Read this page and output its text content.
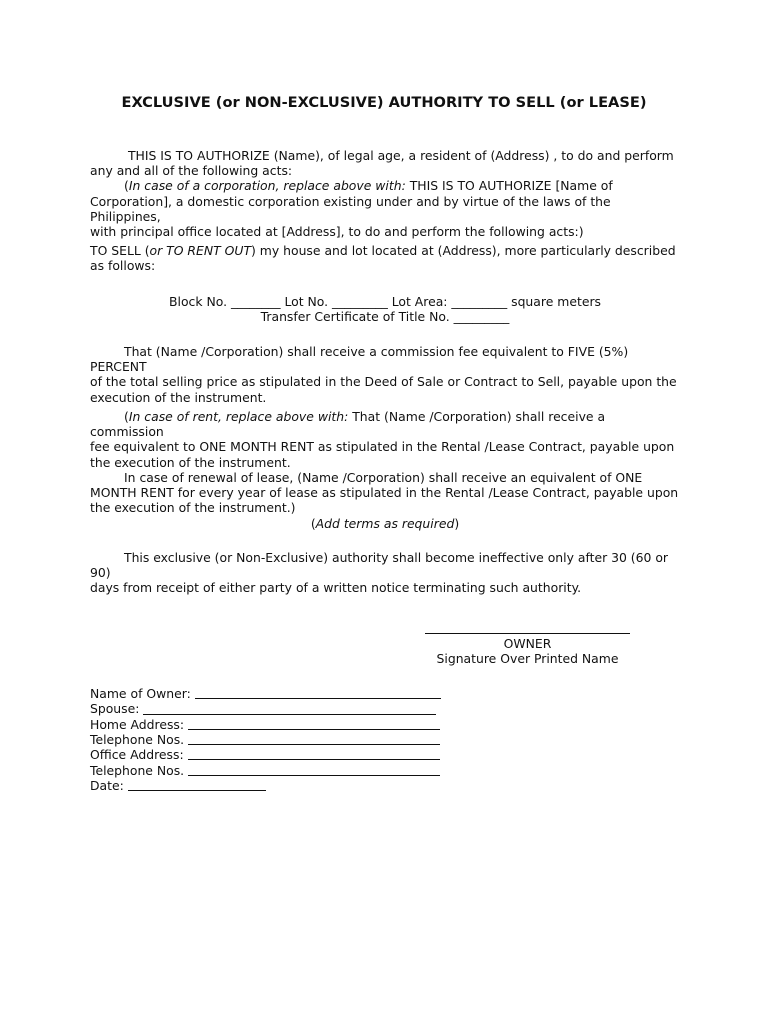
EXCLUSIVE (or NON-EXCLUSIVE) AUTHORITY TO SELL (or LEASE)
THIS IS TO AUTHORIZE (Name), of legal age, a resident of (Address) , to do and perform
any and all of the following acts:
(In case of a corporation, replace above with: THIS IS TO AUTHORIZE [Name of
Corporation], a domestic corporation existing under and by virtue of the laws of the Philippines,
with principal office located at [Address], to do and perform the following acts:)
TO SELL (or TO RENT OUT) my house and lot located at (Address), more particularly described
as follows:
Block No. ________ Lot No. _________ Lot Area: _________ square meters
Transfer Certificate of Title No. _________
That (Name /Corporation) shall receive a commission fee equivalent to FIVE (5%) PERCENT
of the total selling price as stipulated in the Deed of Sale or Contract to Sell, payable upon the
execution of the instrument.
(In case of rent, replace above with: That (Name /Corporation) shall receive a commission
fee equivalent to ONE MONTH RENT as stipulated in the Rental /Lease Contract, payable upon
the execution of the instrument.
In case of renewal of lease, (Name /Corporation) shall receive an equivalent of ONE
MONTH RENT for every year of lease as stipulated in the Rental /Lease Contract, payable upon
the execution of the instrument.)
(Add terms as required)
This exclusive (or Non-Exclusive) authority shall become ineffective only after 30 (60 or 90)
days from receipt of either party of a written notice terminating such authority.
OWNER
Signature Over Printed Name
Name of Owner:
Spouse:
Home Address:
Telephone Nos.
Office Address:
Telephone Nos.
Date:
